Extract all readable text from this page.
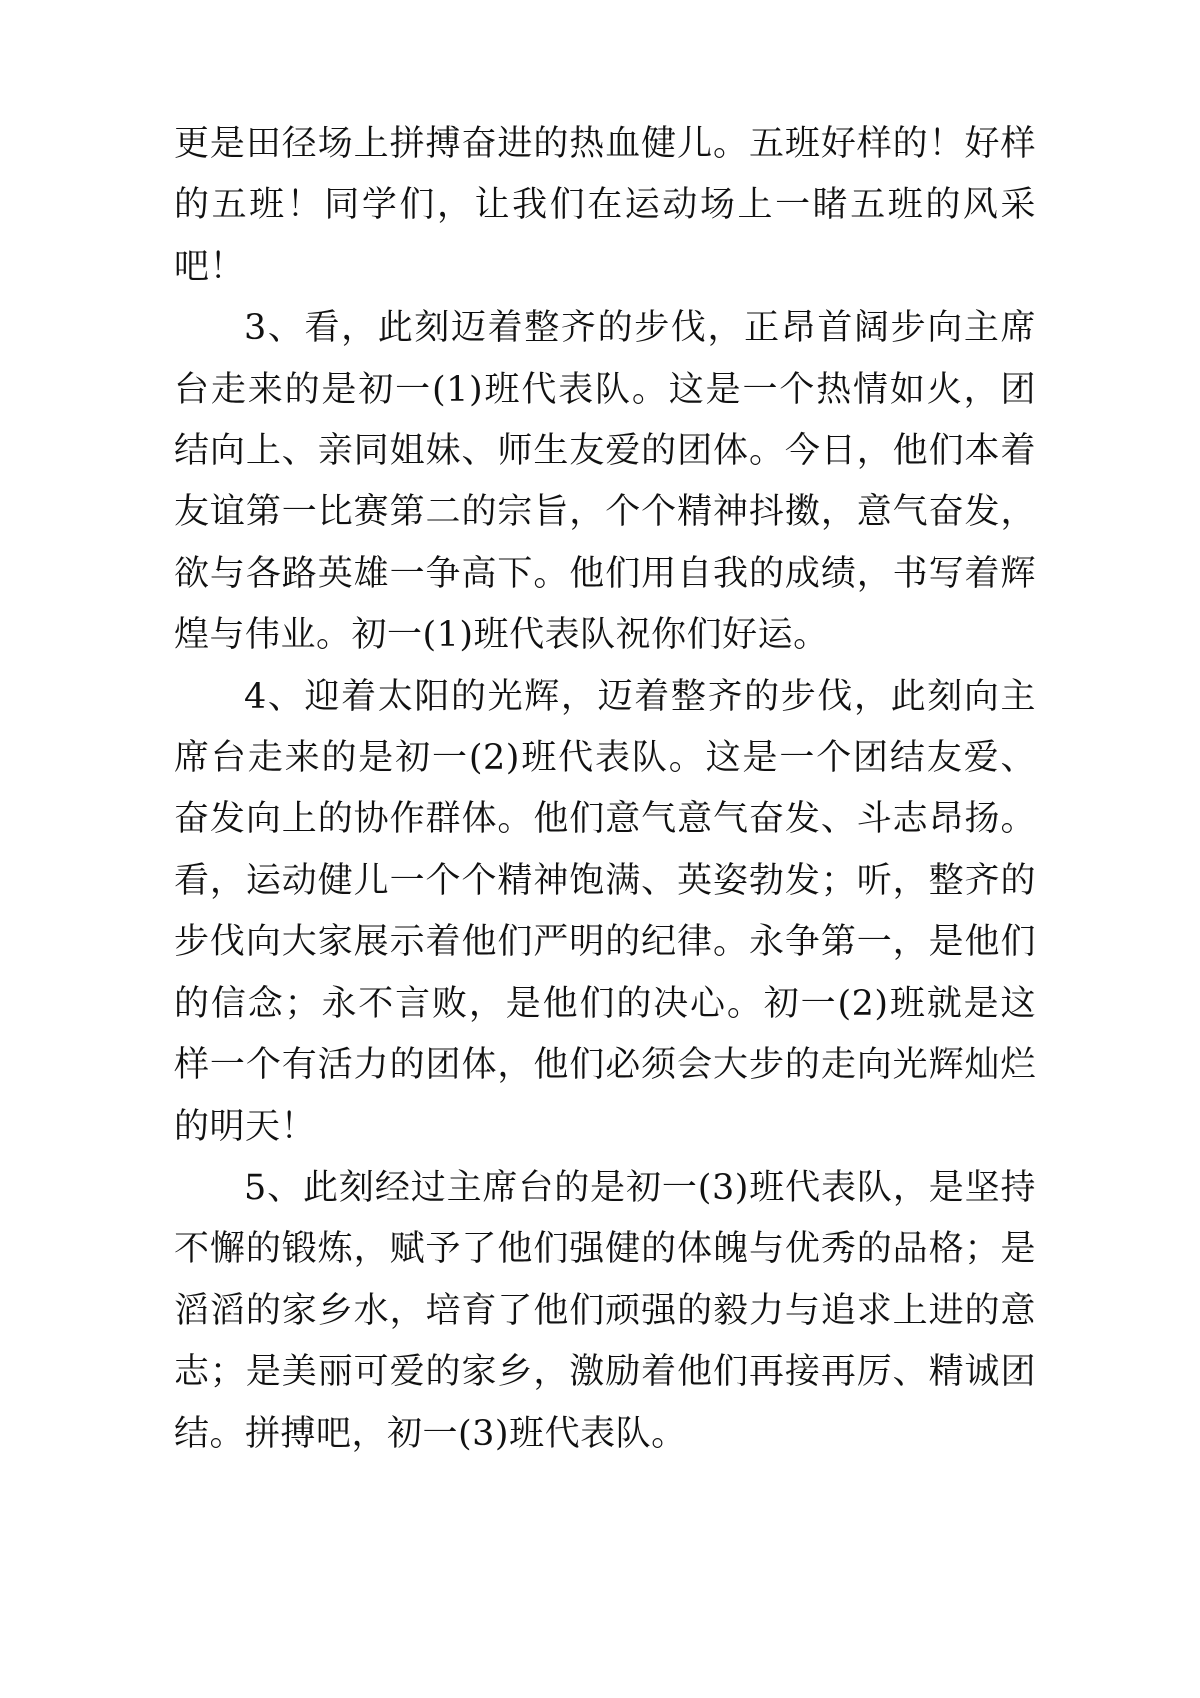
更是田径场上拼搏奋进的热血健儿。五班好样的！好样的五班！同学们，让我们在运动场上一睹五班的风采吧！

3、看，此刻迈着整齐的步伐，正昂首阔步向主席台走来的是初一(1)班代表队。这是一个热情如火，团结向上、亲同姐妹、师生友爱的团体。今日，他们本着友谊第一比赛第二的宗旨，个个精神抖擞，意气奋发，欲与各路英雄一争高下。他们用自我的成绩，书写着辉煌与伟业。初一(1)班代表队祝你们好运。

4、迎着太阳的光辉，迈着整齐的步伐，此刻向主席台走来的是初一(2)班代表队。这是一个团结友爱、奋发向上的协作群体。他们意气意气奋发、斗志昂扬。看，运动健儿一个个精神饱满、英姿勃发；听，整齐的步伐向大家展示着他们严明的纪律。永争第一，是他们的信念；永不言败，是他们的决心。初一(2)班就是这样一个有活力的团体，他们必须会大步的走向光辉灿烂的明天！

5、此刻经过主席台的是初一(3)班代表队，是坚持不懈的锻炼，赋予了他们强健的体魄与优秀的品格；是滔滔的家乡水，培育了他们顽强的毅力与追求上进的意志；是美丽可爱的家乡，激励着他们再接再厉、精诚团结。拼搏吧，初一(3)班代表队。
